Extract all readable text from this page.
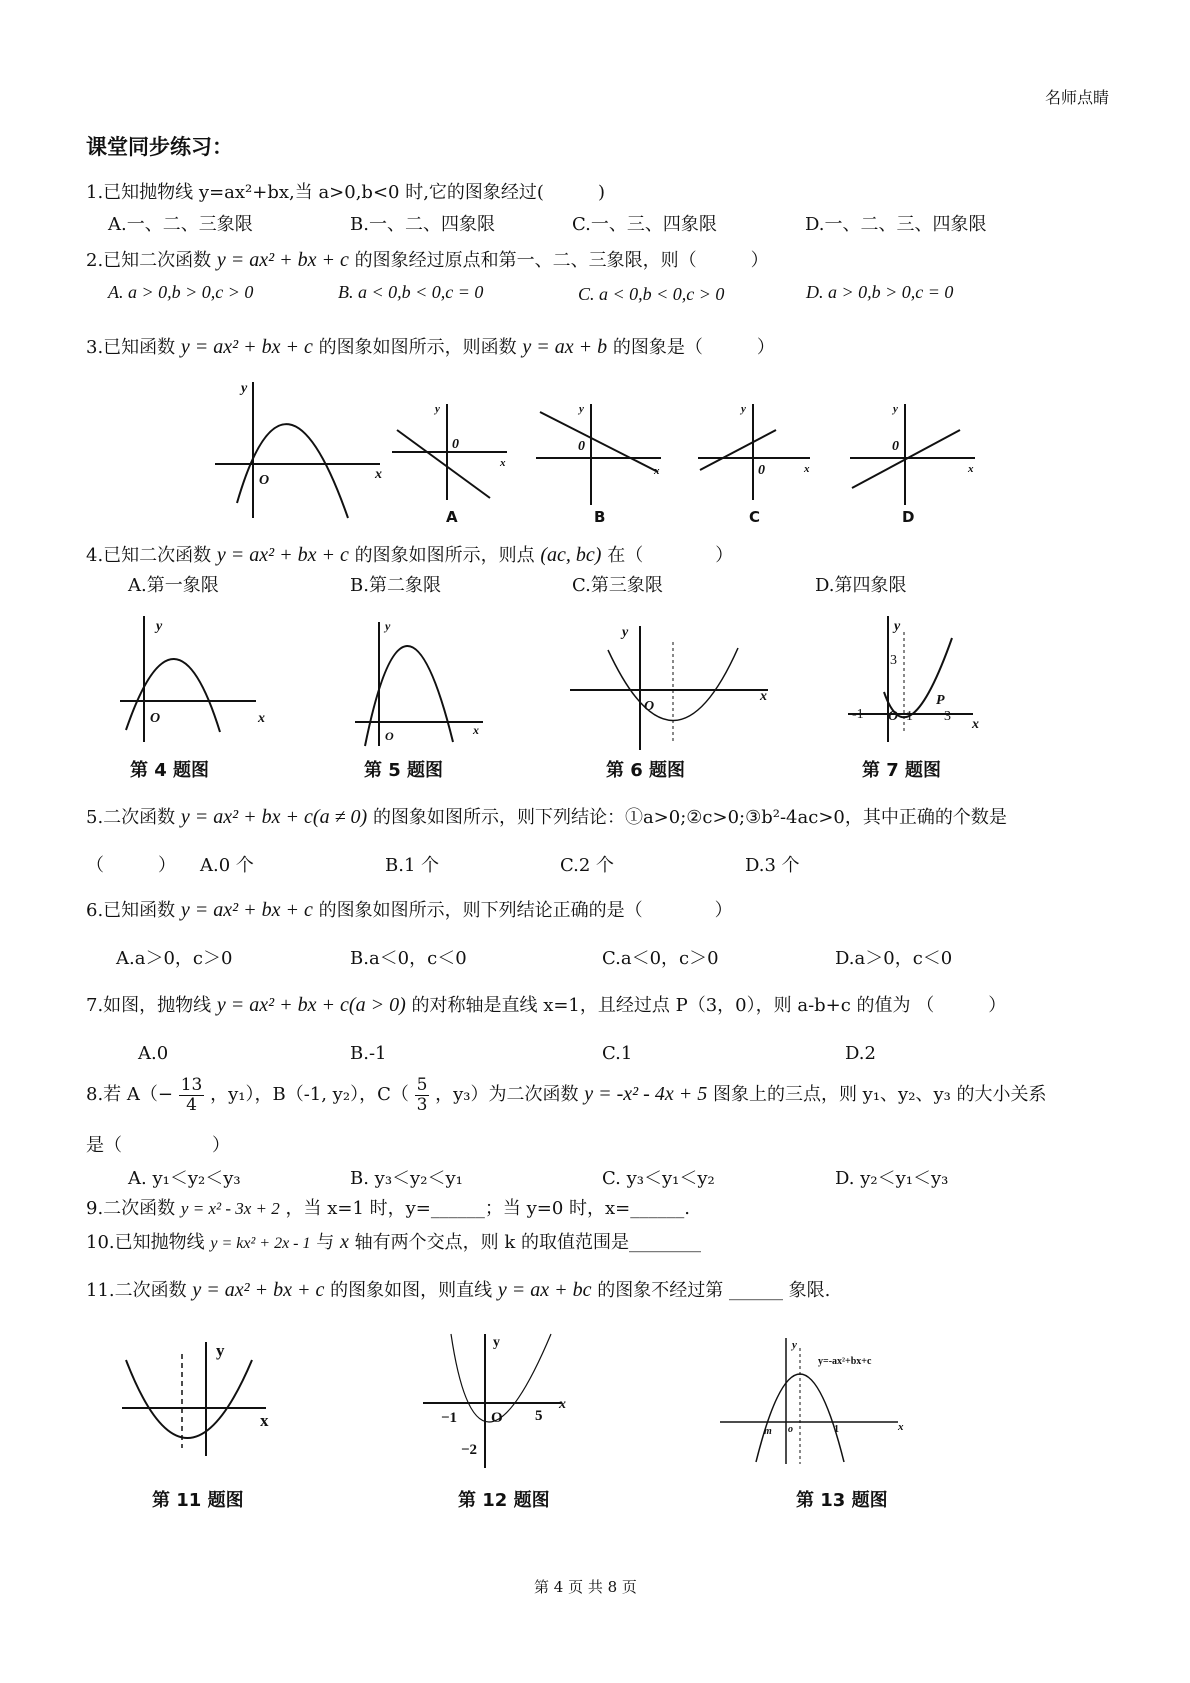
名师点睛
课堂同步练习：
1.已知抛物线 y=ax²+bx,当 a>0,b<0 时,它的图象经过(　　　)
A.一、二、三象限	B.一、二、四象限	C.一、三、四象限	D.一、二、三、四象限
2.已知二次函数 y = ax² + bx + c 的图象经过原点和第一、二、三象限，则（　　　）
A. a > 0,b > 0,c > 0	B. a < 0,b < 0,c = 0	C. a < 0,b < 0,c > 0	D. a > 0,b > 0,c = 0
3.已知函数 y = ax² + bx + c 的图象如图所示，则函数 y = ax + b 的图象是（　　　）
y
x
O
y
x
0
A
y
x
0
B
y
x
0
C
y
x
0
D
4.已知二次函数 y = ax² + bx + c 的图象如图所示，则点 (ac, bc) 在（　　　　）
A.第一象限	B.第二象限	C.第三象限	D.第四象限
y
x
O
y
x
O
y
x
O
y
x
3
-1 O 1 3
P
第 4 题图	第 5 题图	第 6 题图	第 7 题图
5.二次函数 y = ax² + bx + c(a ≠ 0) 的图象如图所示，则下列结论：①a>0;②c>0;③b²-4ac>0，其中正确的个数是
（　　　） A.0 个	B.1 个	C.2 个	D.3 个
6.已知函数 y = ax² + bx + c 的图象如图所示，则下列结论正确的是（　　　　）
A.a＞0，c＞0	B.a＜0，c＜0	C.a＜0，c＞0	D.a＞0，c＜0
7.如图，抛物线 y = ax² + bx + c(a > 0) 的对称轴是直线 x=1，且经过点 P（3，0），则 a-b+c 的值为 （　　　）
A.0	B.-1	C.1	D.2
8.若 $A(- \frac{13}{4}$ ，y₁），B（-1, y₂），$C( \frac{5}{3}$ ，y₃）为二次函数 y = -x² - 4x + 5 图象上的三点，则 y₁、y₂、y₃ 的大小关系
是（　　　　　）
A. y₁＜y₂＜y₃	B. y₃＜y₂＜y₁	C. y₃＜y₁＜y₂	D. y₂＜y₁＜y₃
9.二次函数 y = x² - 3x + 2 ，当 x=1 时，y=______；当 y=0 时，x=______.
10.已知抛物线 y = kx² + 2x - 1 与 x 轴有两个交点，则 k 的取值范围是________
11.二次函数 y = ax² + bx + c 的图象如图，则直线 y = ax + bc 的图象不经过第 ______ 象限.
y
x
y
x
O
−1	5
−2
y
x
y=-ax²+bx+c
m o	1
第 11 题图	第 12 题图	第 13 题图
第 4 页 共 8 页
